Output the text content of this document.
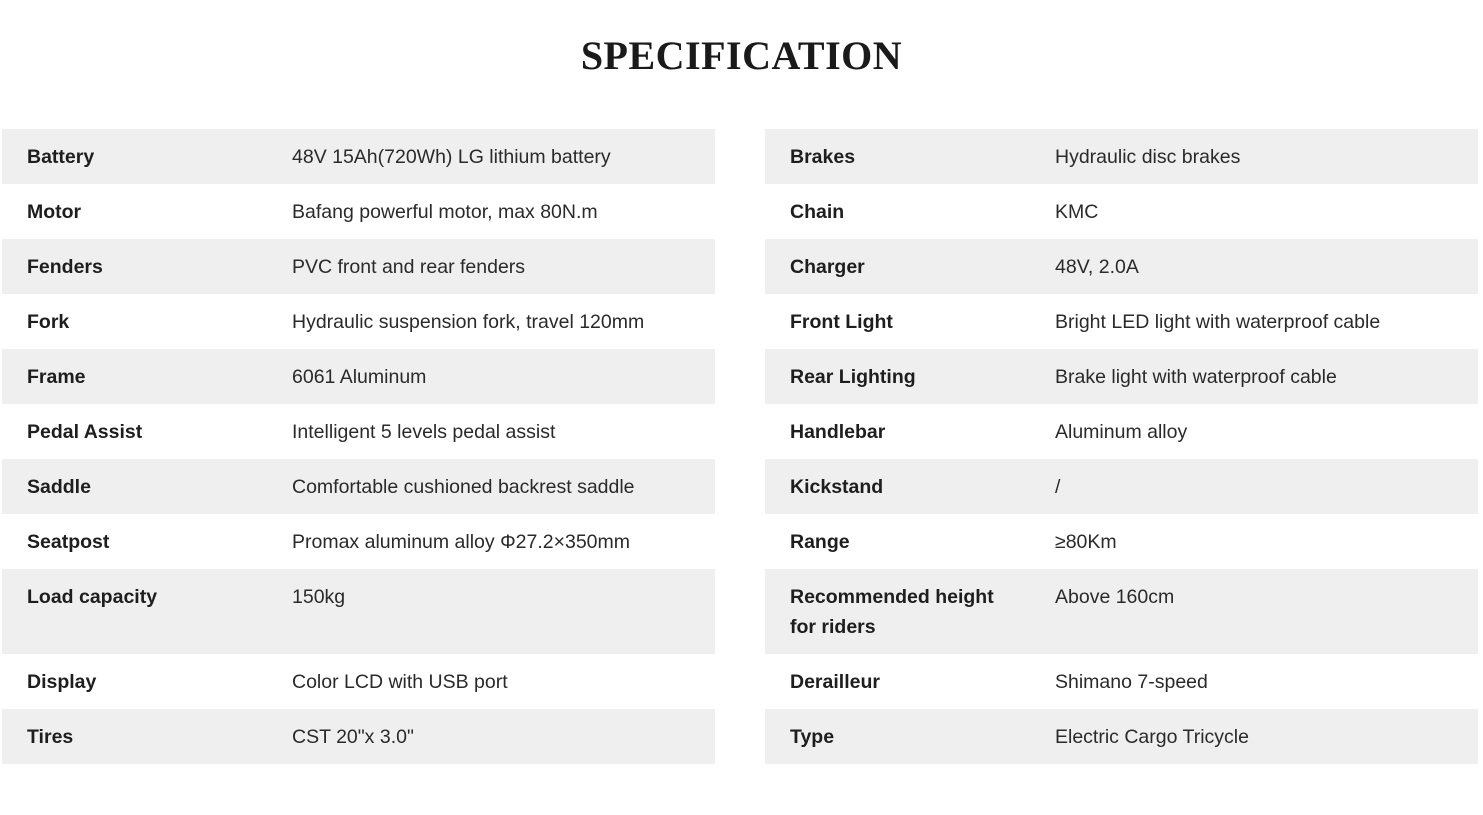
SPECIFICATION
Battery	48V 15Ah(720Wh) LG lithium battery
Motor	Bafang powerful motor, max 80N.m
Fenders	PVC front and rear fenders
Fork	Hydraulic suspension fork, travel 120mm
Frame	6061 Aluminum
Pedal Assist	Intelligent 5 levels pedal assist
Saddle	Comfortable cushioned backrest saddle
Seatpost	Promax aluminum alloy Φ27.2×350mm
Load capacity	150kg
Display	Color LCD with USB port
Tires	CST 20"x 3.0"
Brakes	Hydraulic disc brakes
Chain	KMC
Charger	48V, 2.0A
Front Light	Bright LED light with waterproof cable
Rear Lighting	Brake light with waterproof cable
Handlebar	Aluminum alloy
Kickstand	/
Range	≥80Km
Recommended height for riders	Above 160cm
Derailleur	Shimano 7-speed
Type	Electric Cargo Tricycle
